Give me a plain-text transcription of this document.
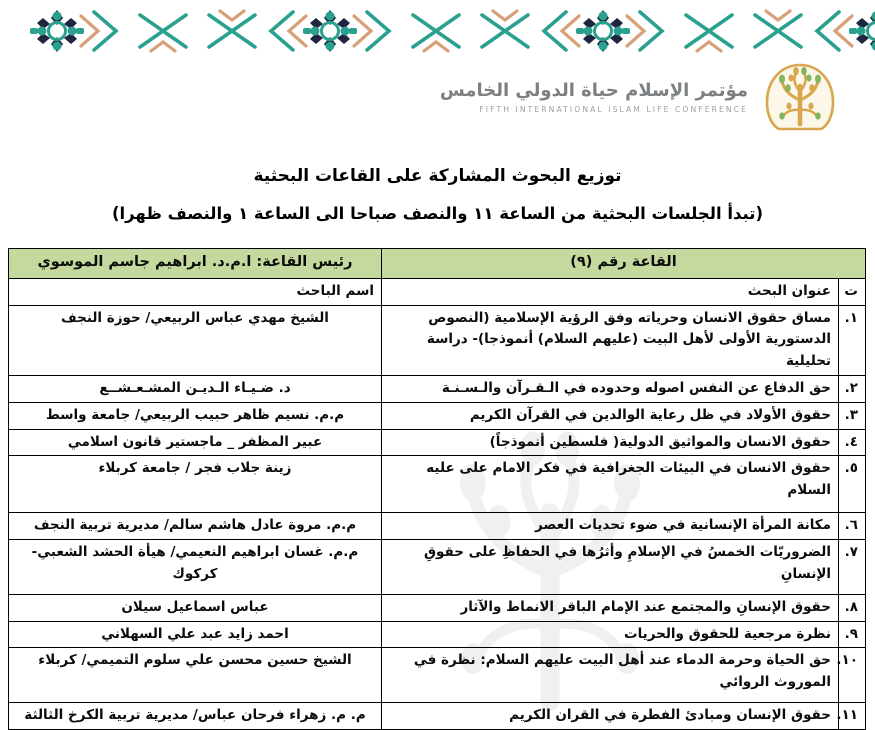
مؤتمر الإسلام حياة الدولي الخامس
FIFTH INTERNATIONAL ISLAM LIFE CONFERENCE
توزيع البحوث المشاركة على القاعات البحثية
(تبدأ الجلسات البحثية من الساعة ١١ والنصف صباحا الى الساعة ١ والنصف ظهرا)
القاعة رقم (٩)		رئيس القاعة: ا.م.د. ابراهيم جاسم الموسوي
ت	عنوان البحث	اسم الباحث
١.	مساق حقوق الانسان وحرياته وفق الرؤية الإسلامية (النصوص الدستورية الأولى لأهل البيت (عليهم السلام) أنموذجا)- دراسة تحليلية	الشيخ مهدي عباس الربيعي/ حوزة النجف
٢.	حق الدفاع عن النفس اصوله وحدوده في الـقـرآن والـسـنـة	د. ضـيـاء الـديـن المشـعـشــع
٣.	حقوق الأولاد في ظل رعاية الوالدين في القرآن الكريم	م.م. نسيم ظاهر حبيب الربيعي/ جامعة واسط
٤.	حقوق الانسان والمواثيق الدولية( فلسطين أنموذجاً)	عبير المظفر _ ماجستير قانون اسلامي
٥.	حقوق الانسان في البيئات الجغرافية في فكر الامام على عليه السلام	زينة جلاب فجر / جامعة كربلاء
٦.	مكانة المرأة الإنسانية في ضوء تحديات العصر	م.م. مروة عادل هاشم سالم/ مديرية تربية النجف
٧.	الضروريّات الخمسُ في الإسلامِ وأثرُها في الحفاظِ على حقوقِ الإنسانِ	م.م. غسان ابراهيم النعيمي/ هيأة الحشد الشعبي- كركوك
٨.	حقوق الإنسانِ والمجتمع عند الإمام الباقر الانماط والآثار	عباس اسماعيل سيلان
٩.	نظرة مرجعية للحقوق والحريات	احمد زايد عبد علي السهلاني
١٠.	حق الحياة وحرمة الدماء عند أهل البيت عليهم السلام: نظرة في الموروث الروائي	الشيخ حسين محسن علي سلوم التميمي/ كربلاء
١١.	حقوق الإنسان ومبادئ الفطرة في القران الكريم	م. م. زهراء فرحان عباس/ مديرية تربية الكرخ الثالثة
